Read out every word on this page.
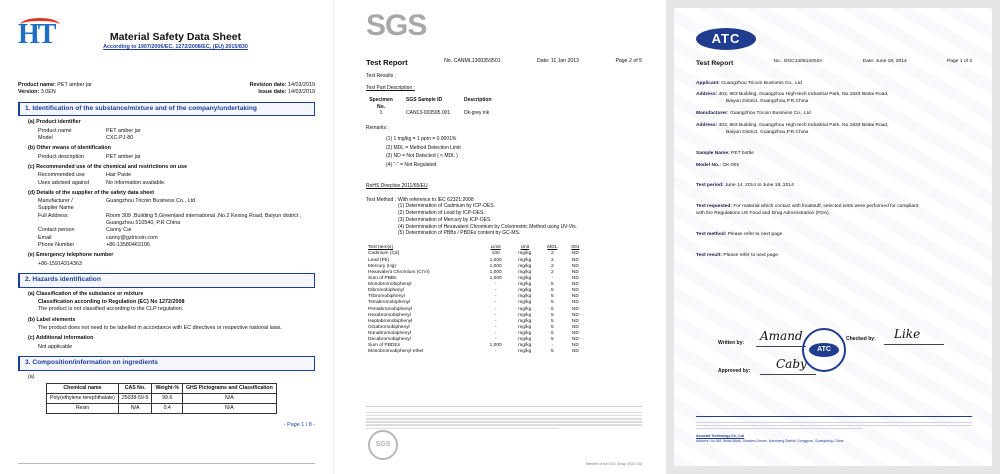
HT	Material Safety Data Sheet
According to 1907/2006/EC, 1272/2008/EC, (EU) 2015/830
Product name: PET amber jar
Version: 3.0EN
Revision date: 14/03/2019
Issue date: 14/03/2019
1. Identification of the substance/mixture and of the company/undertaking
(a) Product identifier
Product name	PET amber jar
Model	CXC-PJ-80
(b) Other means of identification
Product description	PET amber jar
(c) Recommended use of the chemical and restrictions on use
Recommended use	Hair Paste
Uses advised against	No information available.
(d) Details of the supplier of the safety data sheet
Manufacturer /	Guangzhou Tricoin Business Co., Ltd
Supplier Name
Full Address	Room 309 ,Building 5,Greenland international ,No.2 Kexing Road, Baiyun district , Guangzhou 510540, P.R China
Contact person	Canny Cai
Email	canny@gztricoin.com
Phone Number	+86-13580463106
(e) Emergency telephone number
+86-15914314363
2. Hazards identification
(a) Classification of the substance or mixture
Classification according to Regulation (EC) No 1272/2008
The product is not classified according to the CLP regulation.
(b) Label elements
The product does not need to be labelled in accordance with EC directives or respective national laws.
(c) Additional information
Not applicable
3. Composition/information on ingredients
(a)
Chemical name	CAS No.	Weight-%	GHS Pictograms and Classification
Poly(ethylene terephthalate)	25038-59-9	99.6	N/A
Resin	N/A	0.4	N/A
- Page 1 / 8 -
SGS
Test Report	No. CANML1300359501	Date: 11 Jan 2013	Page 2 of 5
Test Results :
Test Part Description :
Specimen No.
SGS Sample ID	Description
1	CAN13-003595.001	Dk-grey ink
Remarks :
(1) 1 mg/kg = 1 ppm = 0.0001%
(2) MDL = Method Detection Limit
(3) ND = Not Detected ( < MDL )
(4) "-" = Not Regulated
RoHS Directive 2011/65/EU
Test Method : With reference to IEC 62321:2008
(1) Determination of Cadmium by ICP-OES.
(2) Determination of Lead by ICP-OES.
(3) Determination of Mercury by ICP-OES.
(4) Determination of Hexavalent Chromium by Colorimetric Method using UV-Vis.
(5) Determination of PBBs / PBDEs content by GC-MS.
Test Item(s)	Limit	Unit	MDL	001
Cadmium (Cd)	100	mg/kg	2	ND
Lead (Pb)	1,000	mg/kg	2	ND
Mercury (Hg)	1,000	mg/kg	2	ND
Hexavalent Chromium (CrVI)	1,000	mg/kg	2	ND
Sum of PBBs	1,000	mg/kg	-	ND
Monobromobiphenyl	-	mg/kg	5	ND
Dibromobiphenyl	-	mg/kg	5	ND
Tribromobiphenyl	-	mg/kg	5	ND
Tetrabromobiphenyl	-	mg/kg	5	ND
Pentabromobiphenyl	-	mg/kg	5	ND
Hexabromobiphenyl	-	mg/kg	5	ND
Heptabromobiphenyl	-	mg/kg	5	ND
Octabromobiphenyl	-	mg/kg	5	ND
Nonabromobiphenyl	-	mg/kg	5	ND
Decabromobiphenyl	-	mg/kg	5	ND
Sum of PBDEs	1,000	mg/kg	-	ND
Monobromodiphenyl ether	-	mg/kg	5	ND
SGS
Member of the SGS Group (SGS SA)
ATC
Test Report	No.: DGC140614002A	Date: June 18, 2014	Page 1 of 3
Applicant: Guangzhou Tricoin Business Co., Ltd
Address: 403, 863 Building, Guangzhou High-tech Industrial Park, No.1633 Beitai Road,
Baiyun District, Guangzhou,P.R.China
Manufacturer: Guangzhou Tricoin Business Co., Ltd
Address: 403, 863 Building, Guangzhou High-tech Industrial Park, No.1633 Beitai Road,
Baiyun District, Guangzhou,P.R.China
Sample Name: PET bottle
Model No.: GK-001
Test period: June 14, 2014 to June 18, 2014
Test requested: For material which contact with foodstuff, selected tests were performed for compliant
with the Regulations US Food and Drug Administration (FDA).
Test method: Please refer to next page
Test result: Please refer to next page.
Written by: Amand	Checked by: Like
Approved by: Caby
ATC
Accurate Technology Co., Ltd
Address: No.369, Beitai Block, Greatest Dream, Nancheng District, Dongguan, Guangdong, China
